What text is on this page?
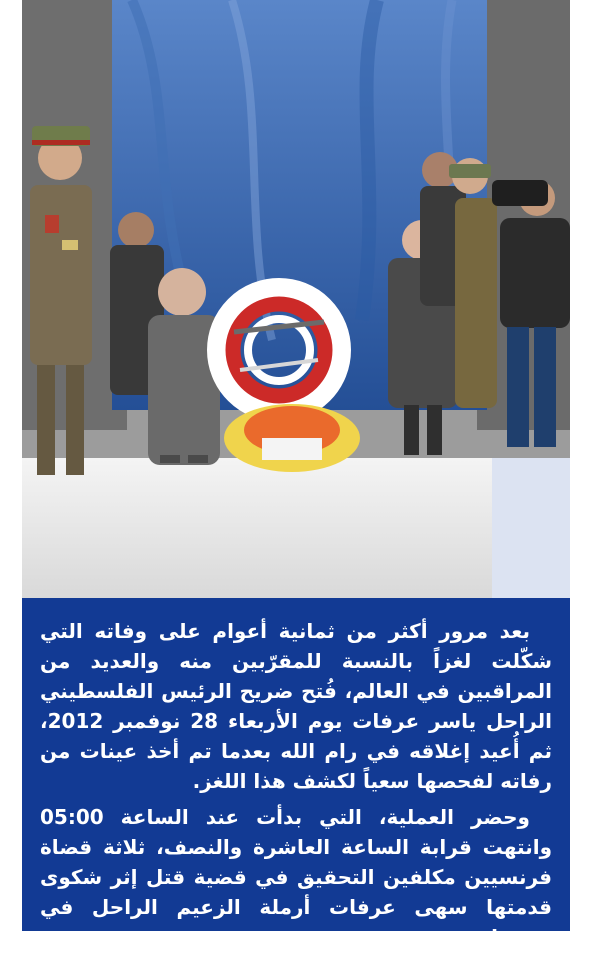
بعد مرور أكثر من ثمانية أعوام على وفاته التي شكّلت لغزاً بالنسبة للمقرّبين منه والعديد من المراقبين في العالم، فُتح ضريح الرئيس الفلسطيني الراحل ياسر عرفات يوم الأربعاء 28 نوفمبر 2012، ثم أُعيد إغلاقه في رام الله بعدما تم أخذ عينات من رفاته لفحصها سعياً لكشف هذا اللغز.

وحضر العملية، التي بدأت عند الساعة 05:00 وانتهت قرابة الساعة العاشرة والنصف، ثلاثة قضاة فرنسيين مكلفين التحقيق في قضية قتل إثر شكوى قدمتها سهى عرفات أرملة الزعيم الراحل في فرنسا.
